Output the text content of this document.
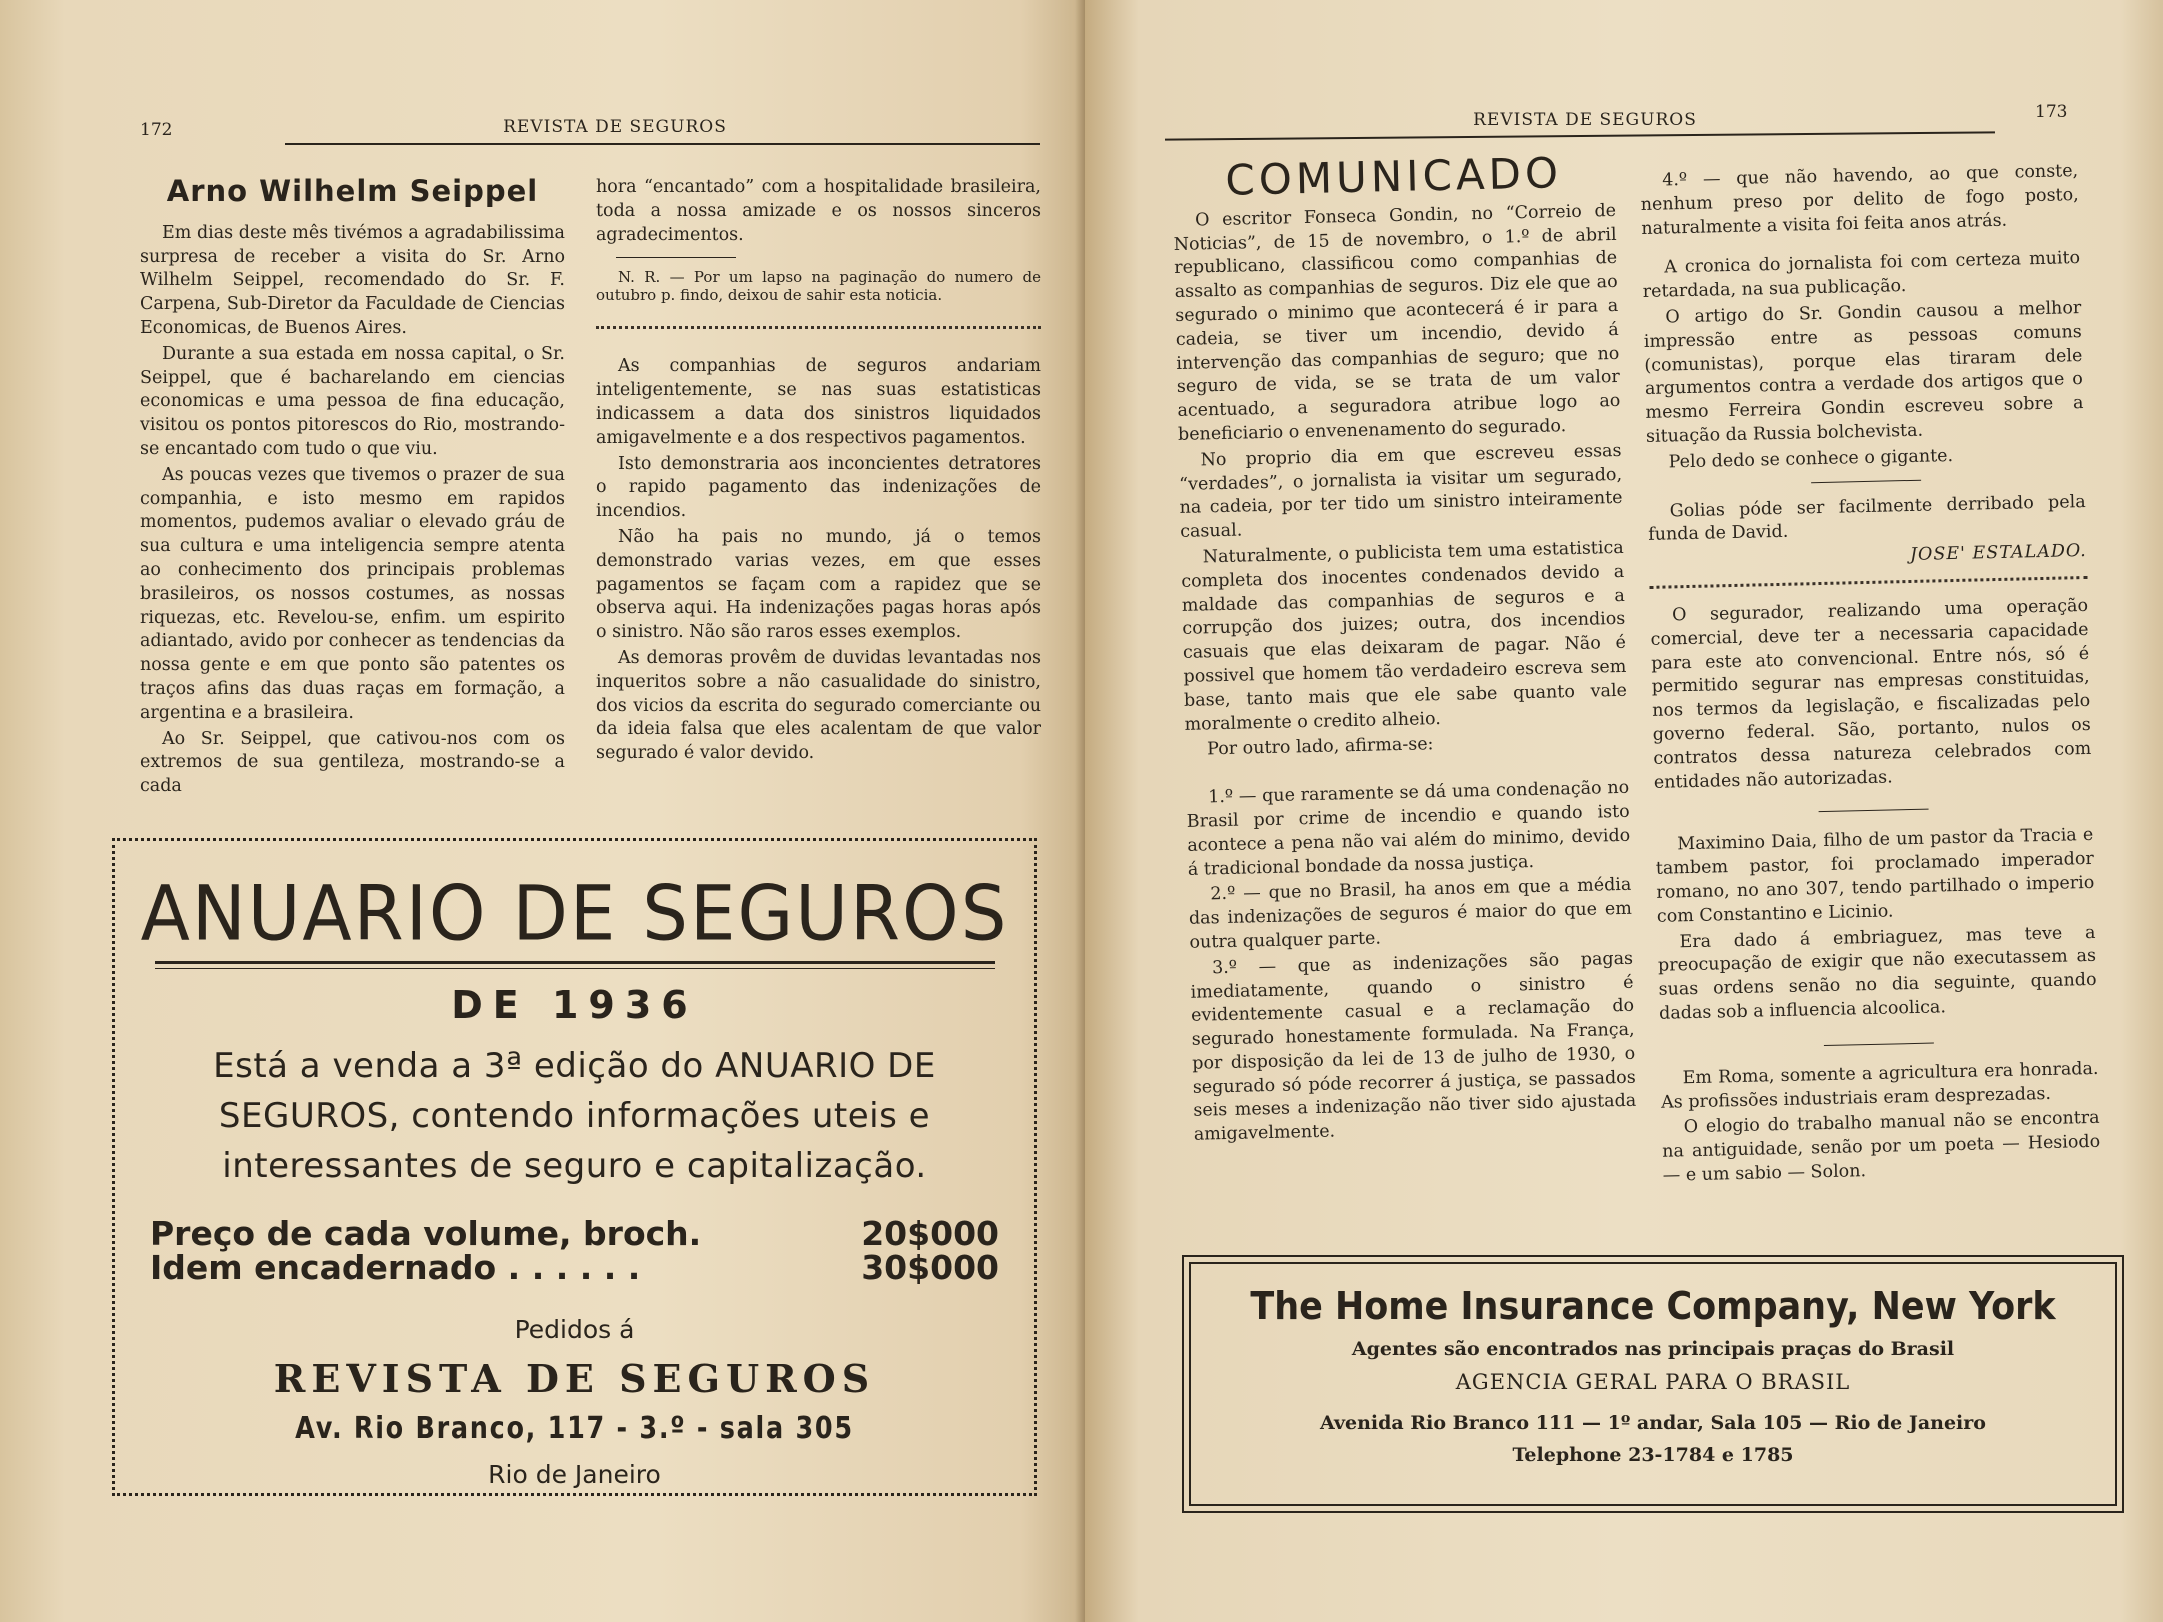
172	REVISTA DE SEGUROS
Arno Wilhelm Seippel

Em dias deste mês tivémos a agradabilissima surpresa de receber a visita do Sr. Arno Wilhelm Seippel, recomendado do Sr. F. Carpena, Sub-Diretor da Faculdade de Ciencias Economicas, de Buenos Aires.

Durante a sua estada em nossa capital, o Sr. Seippel, que é bacharelando em ciencias economicas e uma pessoa de fina educação, visitou os pontos pitorescos do Rio, mostrando-se encantado com tudo o que viu.

As poucas vezes que tivemos o prazer de sua companhia, e isto mesmo em rapidos momentos, pudemos avaliar o elevado gráu de sua cultura e uma inteligencia sempre atenta ao conhecimento dos principais problemas brasileiros, os nossos costumes, as nossas riquezas, etc. Revelou-se, enfim. um espirito adiantado, avido por conhecer as tendencias da nossa gente e em que ponto são patentes os traços afins das duas raças em formação, a argentina e a brasileira.

Ao Sr. Seippel, que cativou-nos com os extremos de sua gentileza, mostrando-se a cada

hora “encantado” com a hospitalidade brasileira, toda a nossa amizade e os nossos sinceros agradecimentos.

N. R. — Por um lapso na paginação do numero de outubro p. findo, deixou de sahir esta noticia.

As companhias de seguros andariam inteligentemente, se nas suas estatisticas indicassem a data dos sinistros liquidados amigavelmente e a dos respectivos pagamentos.

Isto demonstraria aos inconcientes detratores o rapido pagamento das indenizações de incendios.

Não ha pais no mundo, já o temos demonstrado varias vezes, em que esses pagamentos se façam com a rapidez que se observa aqui. Ha indenizações pagas horas após o sinistro. Não são raros esses exemplos.

As demoras provêm de duvidas levantadas nos inqueritos sobre a não casualidade do sinistro, dos vicios da escrita do segurado comerciante ou da ideia falsa que eles acalentam de que valor segurado é valor devido.

ANUARIO DE SEGUROS
DE 1936
Está a venda a 3ª edição do ANUARIO DE SEGUROS, contendo informações uteis e interessantes de seguro e capitalização.
Preço de cada volume, broch.	20$000
Idem encadernado . . . . . .	30$000
Pedidos á
REVISTA DE SEGUROS
Av. Rio Branco, 117 - 3.º - sala 305
Rio de Janeiro
REVISTA DE SEGUROS	173
COMUNICADO

O escritor Fonseca Gondin, no “Correio de Noticias”, de 15 de novembro, o 1.º de abril republicano, classificou como companhias de assalto as companhias de seguros. Diz ele que ao segurado o minimo que acontecerá é ir para a cadeia, se tiver um incendio, devido á intervenção das companhias de seguro; que no seguro de vida, se se trata de um valor acentuado, a seguradora atribue logo ao beneficiario o envenenamento do segurado.

No proprio dia em que escreveu essas “verdades”, o jornalista ia visitar um segurado, na cadeia, por ter tido um sinistro inteiramente casual.

Naturalmente, o publicista tem uma estatistica completa dos inocentes condenados devido a maldade das companhias de seguros e a corrupção dos juizes; outra, dos incendios casuais que elas deixaram de pagar. Não é possivel que homem tão verdadeiro escreva sem base, tanto mais que ele sabe quanto vale moralmente o credito alheio.

Por outro lado, afirma-se:

1.º — que raramente se dá uma condenação no Brasil por crime de incendio e quando isto acontece a pena não vai além do minimo, devido á tradicional bondade da nossa justiça.

2.º — que no Brasil, ha anos em que a média das indenizações de seguros é maior do que em outra qualquer parte.

3.º — que as indenizações são pagas imediatamente, quando o sinistro é evidentemente casual e a reclamação do segurado honestamente formulada. Na França, por disposição da lei de 13 de julho de 1930, o segurado só póde recorrer á justiça, se passados seis meses a indenização não tiver sido ajustada amigavelmente.

4.º — que não havendo, ao que conste, nenhum preso por delito de fogo posto, naturalmente a visita foi feita anos atrás.

A cronica do jornalista foi com certeza muito retardada, na sua publicação.

O artigo do Sr. Gondin causou a melhor impressão entre as pessoas comuns (comunistas), porque elas tiraram dele argumentos contra a verdade dos artigos que o mesmo Ferreira Gondin escreveu sobre a situação da Russia bolchevista.

Pelo dedo se conhece o gigante.

Golias póde ser facilmente derribado pela funda de David.

JOSE' ESTALADO.

O segurador, realizando uma operação comercial, deve ter a necessaria capacidade para este ato convencional. Entre nós, só é permitido segurar nas empresas constituidas, nos termos da legislação, e fiscalizadas pelo governo federal. São, portanto, nulos os contratos dessa natureza celebrados com entidades não autorizadas.

Maximino Daia, filho de um pastor da Tracia e tambem pastor, foi proclamado imperador romano, no ano 307, tendo partilhado o imperio com Constantino e Licinio.

Era dado á embriaguez, mas teve a preocupação de exigir que não executassem as suas ordens senão no dia seguinte, quando dadas sob a influencia alcoolica.

Em Roma, somente a agricultura era honrada. As profissões industriais eram desprezadas.

O elogio do trabalho manual não se encontra na antiguidade, senão por um poeta — Hesiodo — e um sabio — Solon.

The Home Insurance Company, New York
Agentes são encontrados nas principais praças do Brasil
AGENCIA GERAL PARA O BRASIL
Avenida Rio Branco 111 — 1º andar, Sala 105 — Rio de Janeiro
Telephone 23-1784 e 1785
